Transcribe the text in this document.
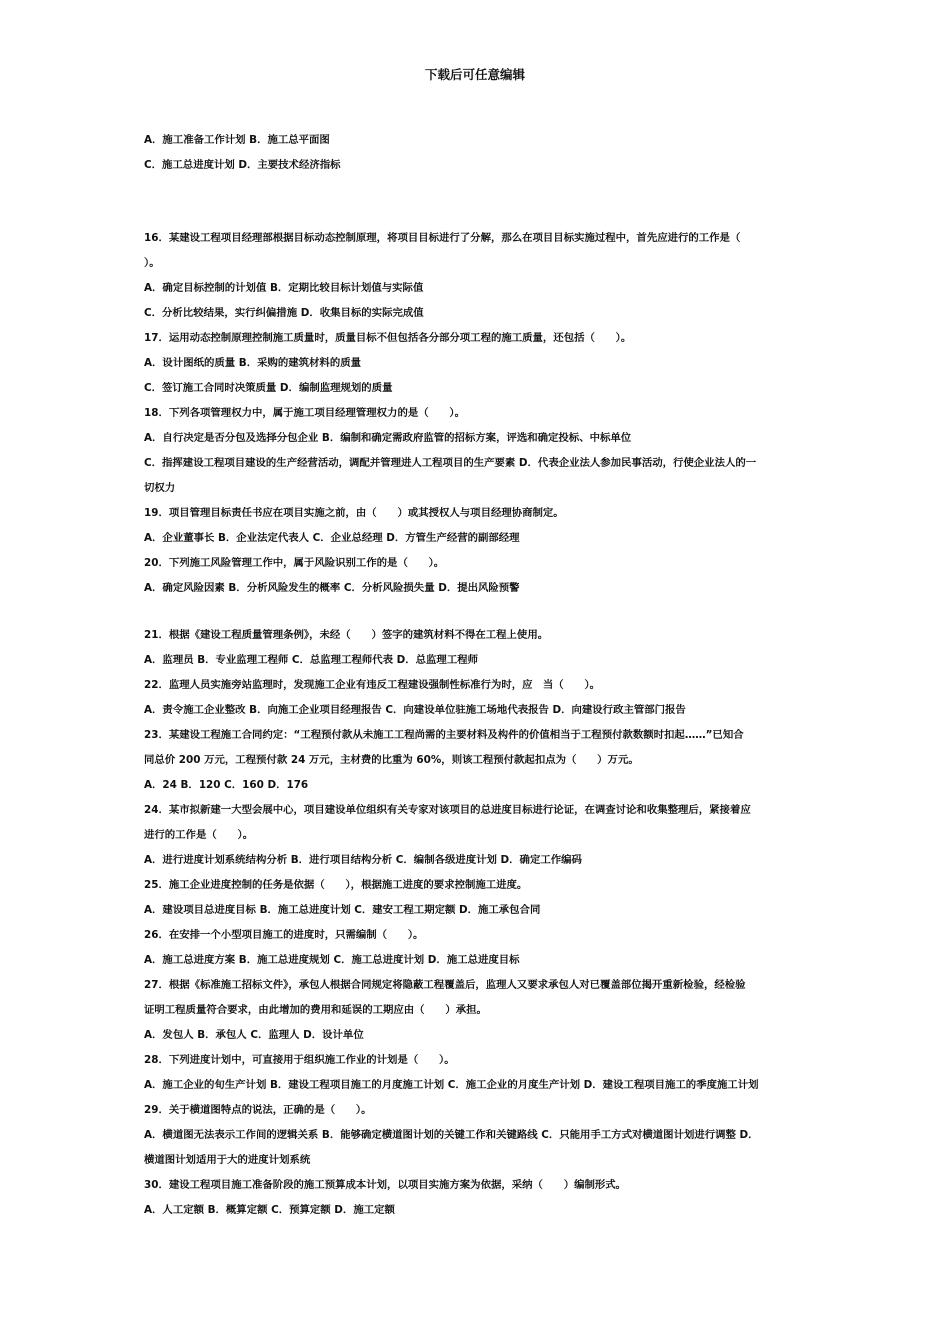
下载后可任意编辑
A．施工准备工作计划 B．施工总平面图
C．施工总进度计划 D．主要技术经济指标
16．某建设工程项目经理部根据目标动态控制原理，将项目目标进行了分解，那么在项目目标实施过程中，首先应进行的工作是（
）。
A．确定目标控制的计划值 B．定期比较目标计划值与实际值
C．分析比较结果，实行纠偏措施 D．收集目标的实际完成值
17．运用动态控制原理控制施工质量时，质量目标不但包括各分部分项工程的施工质量，还包括（　　）。
A．设计图纸的质量 B．采购的建筑材料的质量
C．签订施工合同时决策质量 D．编制监理规划的质量
18．下列各项管理权力中，属于施工项目经理管理权力的是（　　）。
A．自行决定是否分包及选择分包企业 B．编制和确定需政府监管的招标方案，评选和确定投标、中标单位
C．指挥建设工程项目建设的生产经营活动，调配并管理进人工程项目的生产要素 D．代表企业法人参加民事活动，行使企业法人的一
切权力
19．项目管理目标责任书应在项目实施之前，由（　　）或其授权人与项目经理协商制定。
A．企业董事长 B．企业法定代表人 C．企业总经理 D．方管生产经营的副部经理
20．下列施工风险管理工作中，属于风险识别工作的是（　　）。
A．确定风险因素 B．分析风险发生的概率 C．分析风险损失量 D．提出风险预警
21．根据《建设工程质量管理条例》，未经（　　）签字的建筑材料不得在工程上使用。
A．监理员 B．专业监理工程师 C．总监理工程师代表 D．总监理工程师
22．监理人员实施旁站监理时，发现施工企业有违反工程建设强制性标准行为时，应　当（　　）。
A．责令施工企业整改 B．向施工企业项目经理报告 C．向建设单位驻施工场地代表报告 D．向建设行政主管部门报告
23．某建设工程施工合同约定：“工程预付款从未施工工程尚需的主要材料及构件的价值相当于工程预付款数额时扣起……”已知合
同总价 200 万元，工程预付款 24 万元，主材费的比重为 60%，则该工程预付款起扣点为（　　）万元。
A．24 B．120 C．160 D．176
24．某市拟新建一大型会展中心，项目建设单位组织有关专家对该项目的总进度目标进行论证，在调查讨论和收集整理后，紧接着应
进行的工作是（　　）。
A．进行进度计划系统结构分析 B．进行项目结构分析 C．编制各级进度计划 D．确定工作编码
25．施工企业进度控制的任务是依据（　　），根据施工进度的要求控制施工进度。
A．建设项目总进度目标 B．施工总进度计划 C．建安工程工期定额 D．施工承包合同
26．在安排一个小型项目施工的进度时，只需编制（　　）。
A．施工总进度方案 B．施工总进度规划 C．施工总进度计划 D．施工总进度目标
27．根据《标准施工招标文件》，承包人根据合同规定将隐蔽工程覆盖后，监理人又要求承包人对已覆盖部位揭开重新检验，经检验
证明工程质量符合要求，由此增加的费用和延误的工期应由（　　）承担。
A．发包人 B．承包人 C．监理人 D．设计单位
28．下列进度计划中，可直接用于组织施工作业的计划是（　　）。
A．施工企业的旬生产计划 B．建设工程项目施工的月度施工计划 C．施工企业的月度生产计划 D．建设工程项目施工的季度施工计划
29．关于横道图特点的说法，正确的是（　　）。
A．横道图无法表示工作间的逻辑关系 B．能够确定横道图计划的关键工作和关键路线 C．只能用手工方式对横道图计划进行调整 D．
横道图计划适用于大的进度计划系统
30．建设工程项目施工准备阶段的施工预算成本计划，以项目实施方案为依据，采纳（　　）编制形式。
A．人工定额 B．概算定额 C．预算定额 D．施工定额
